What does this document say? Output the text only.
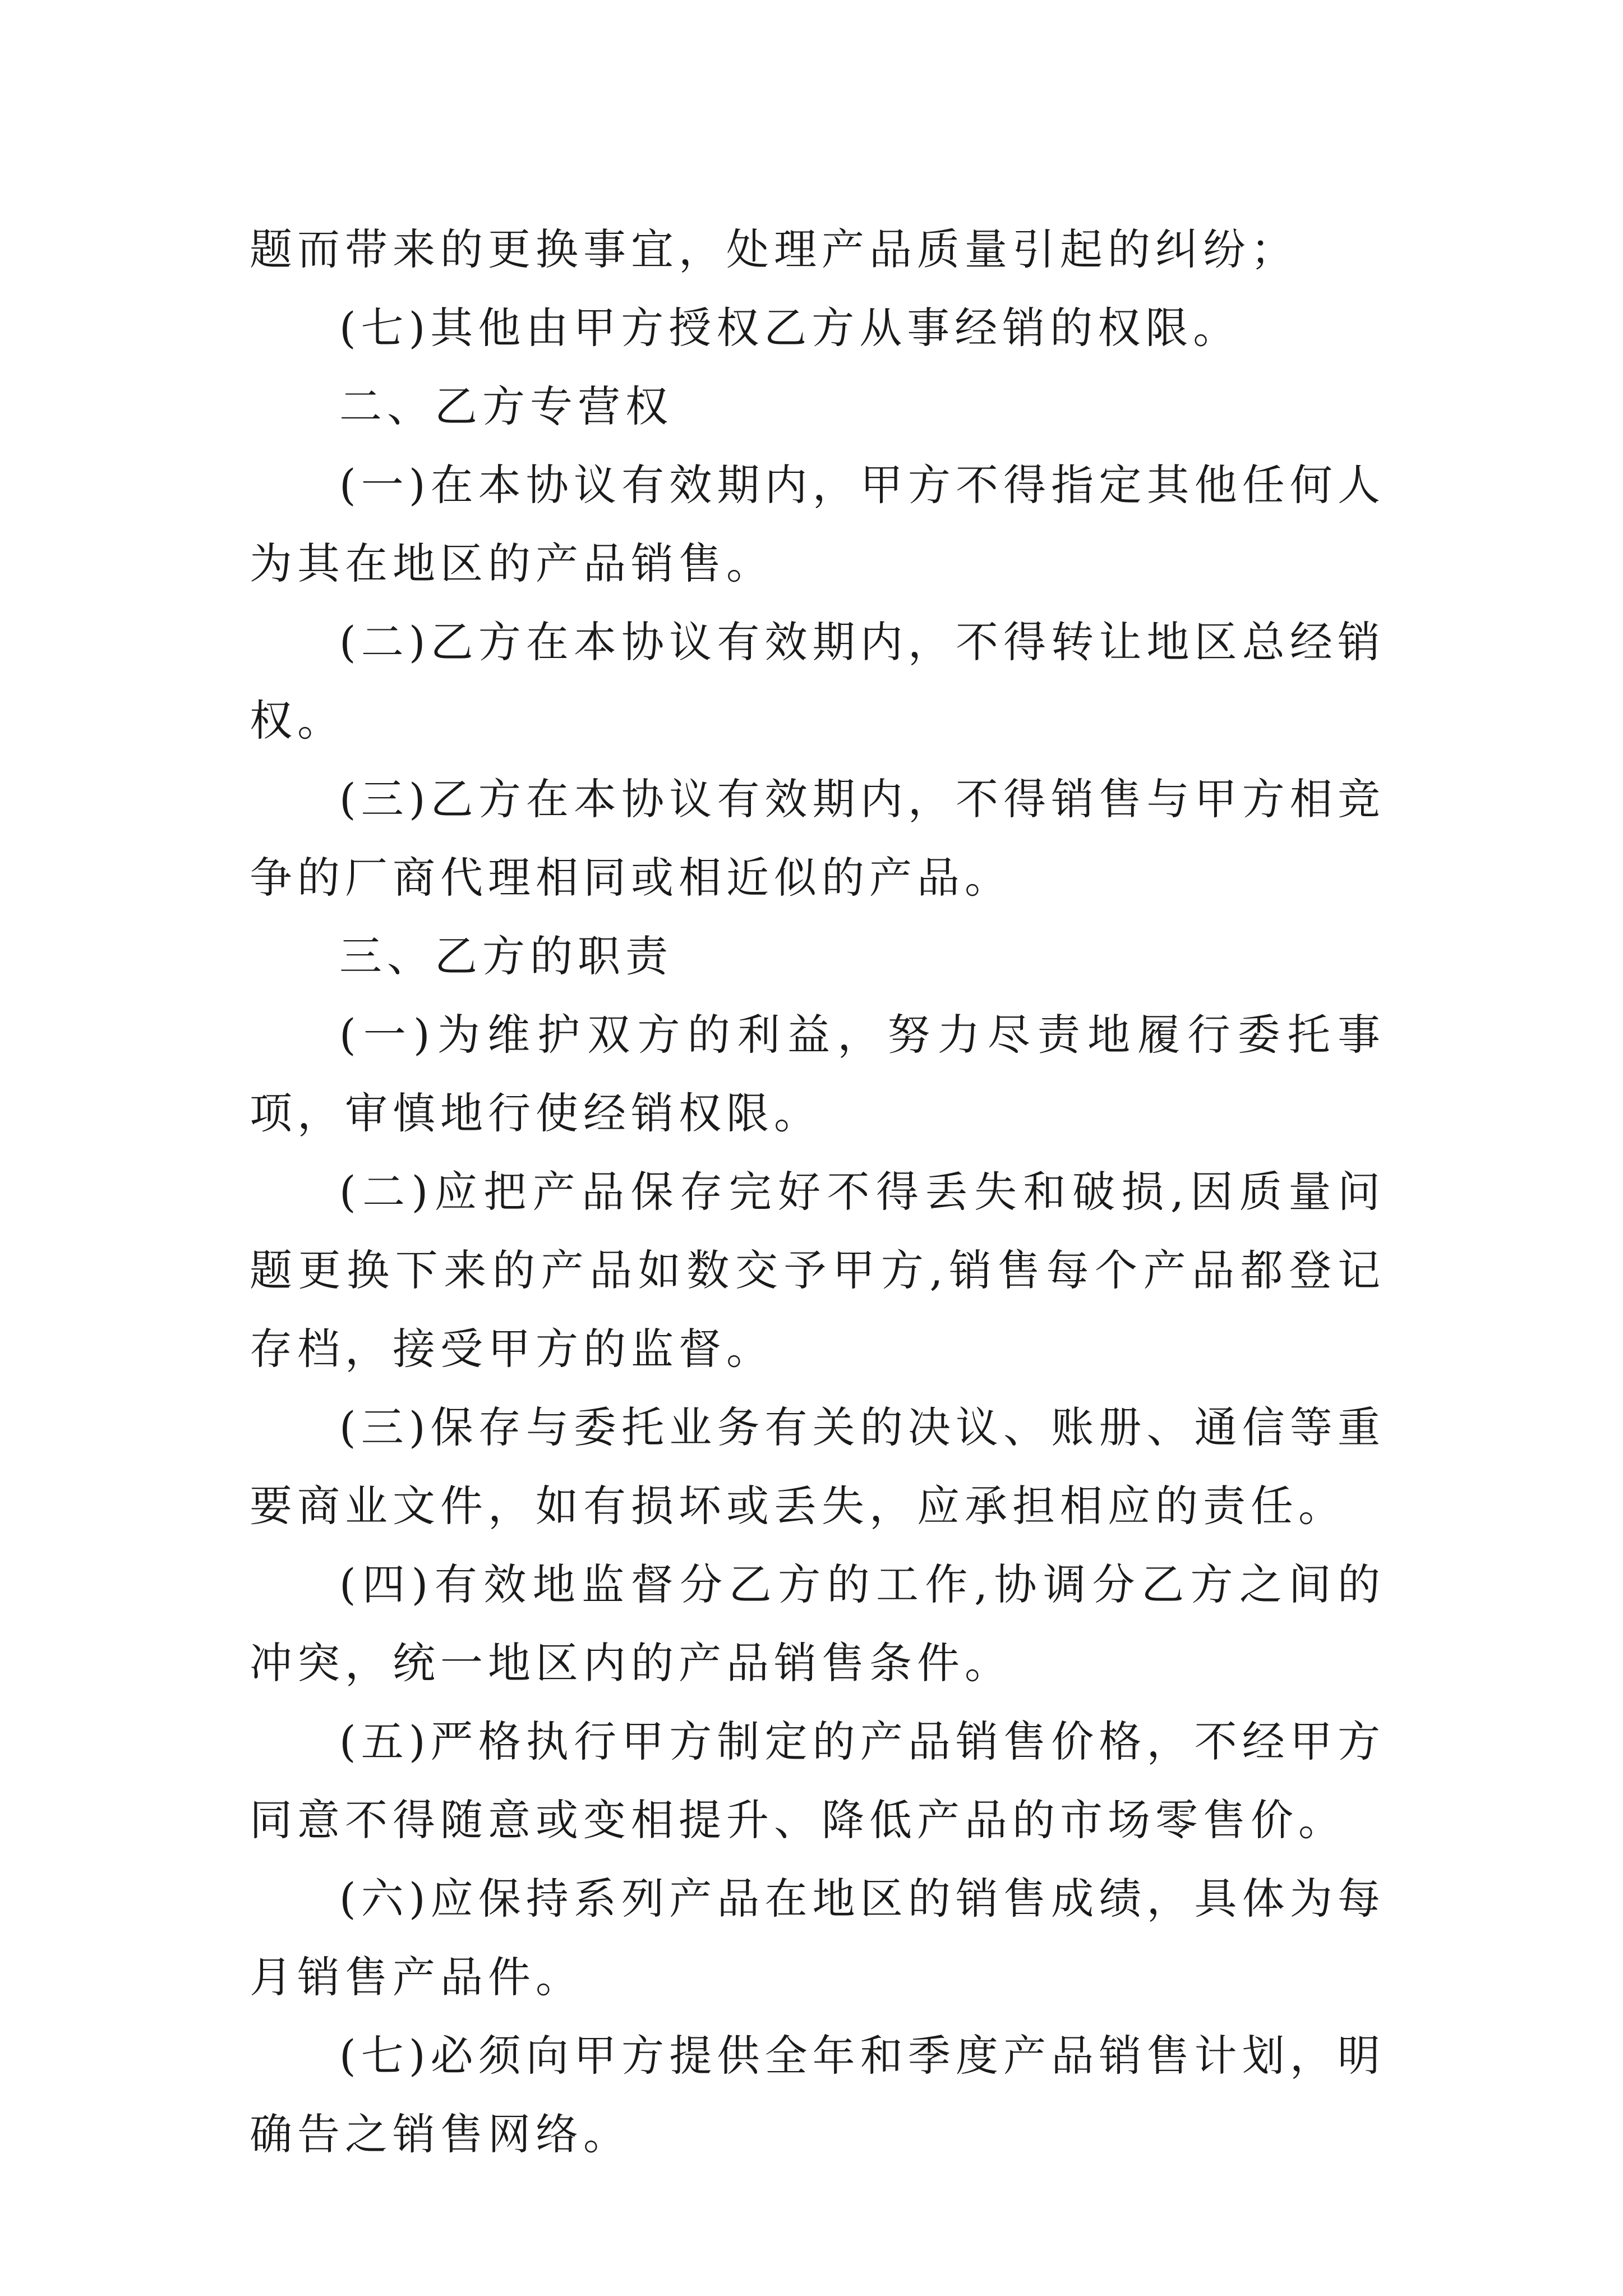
题而带来的更换事宜，处理产品质量引起的纠纷；

(七)其他由甲方授权乙方从事经销的权限。

二、乙方专营权

(一)在本协议有效期内，甲方不得指定其他任何人为其在地区的产品销售。

(二)乙方在本协议有效期内，不得转让地区总经销权。

(三)乙方在本协议有效期内，不得销售与甲方相竞争的厂商代理相同或相近似的产品。

三、乙方的职责

(一)为维护双方的利益，努力尽责地履行委托事项，审慎地行使经销权限。

(二)应把产品保存完好不得丢失和破损,因质量问题更换下来的产品如数交予甲方,销售每个产品都登记存档，接受甲方的监督。

(三)保存与委托业务有关的决议、账册、通信等重要商业文件，如有损坏或丢失，应承担相应的责任。

(四)有效地监督分乙方的工作,协调分乙方之间的冲突，统一地区内的产品销售条件。

(五)严格执行甲方制定的产品销售价格，不经甲方同意不得随意或变相提升、降低产品的市场零售价。

(六)应保持系列产品在地区的销售成绩，具体为每月销售产品件。

(七)必须向甲方提供全年和季度产品销售计划，明确告之销售网络。
